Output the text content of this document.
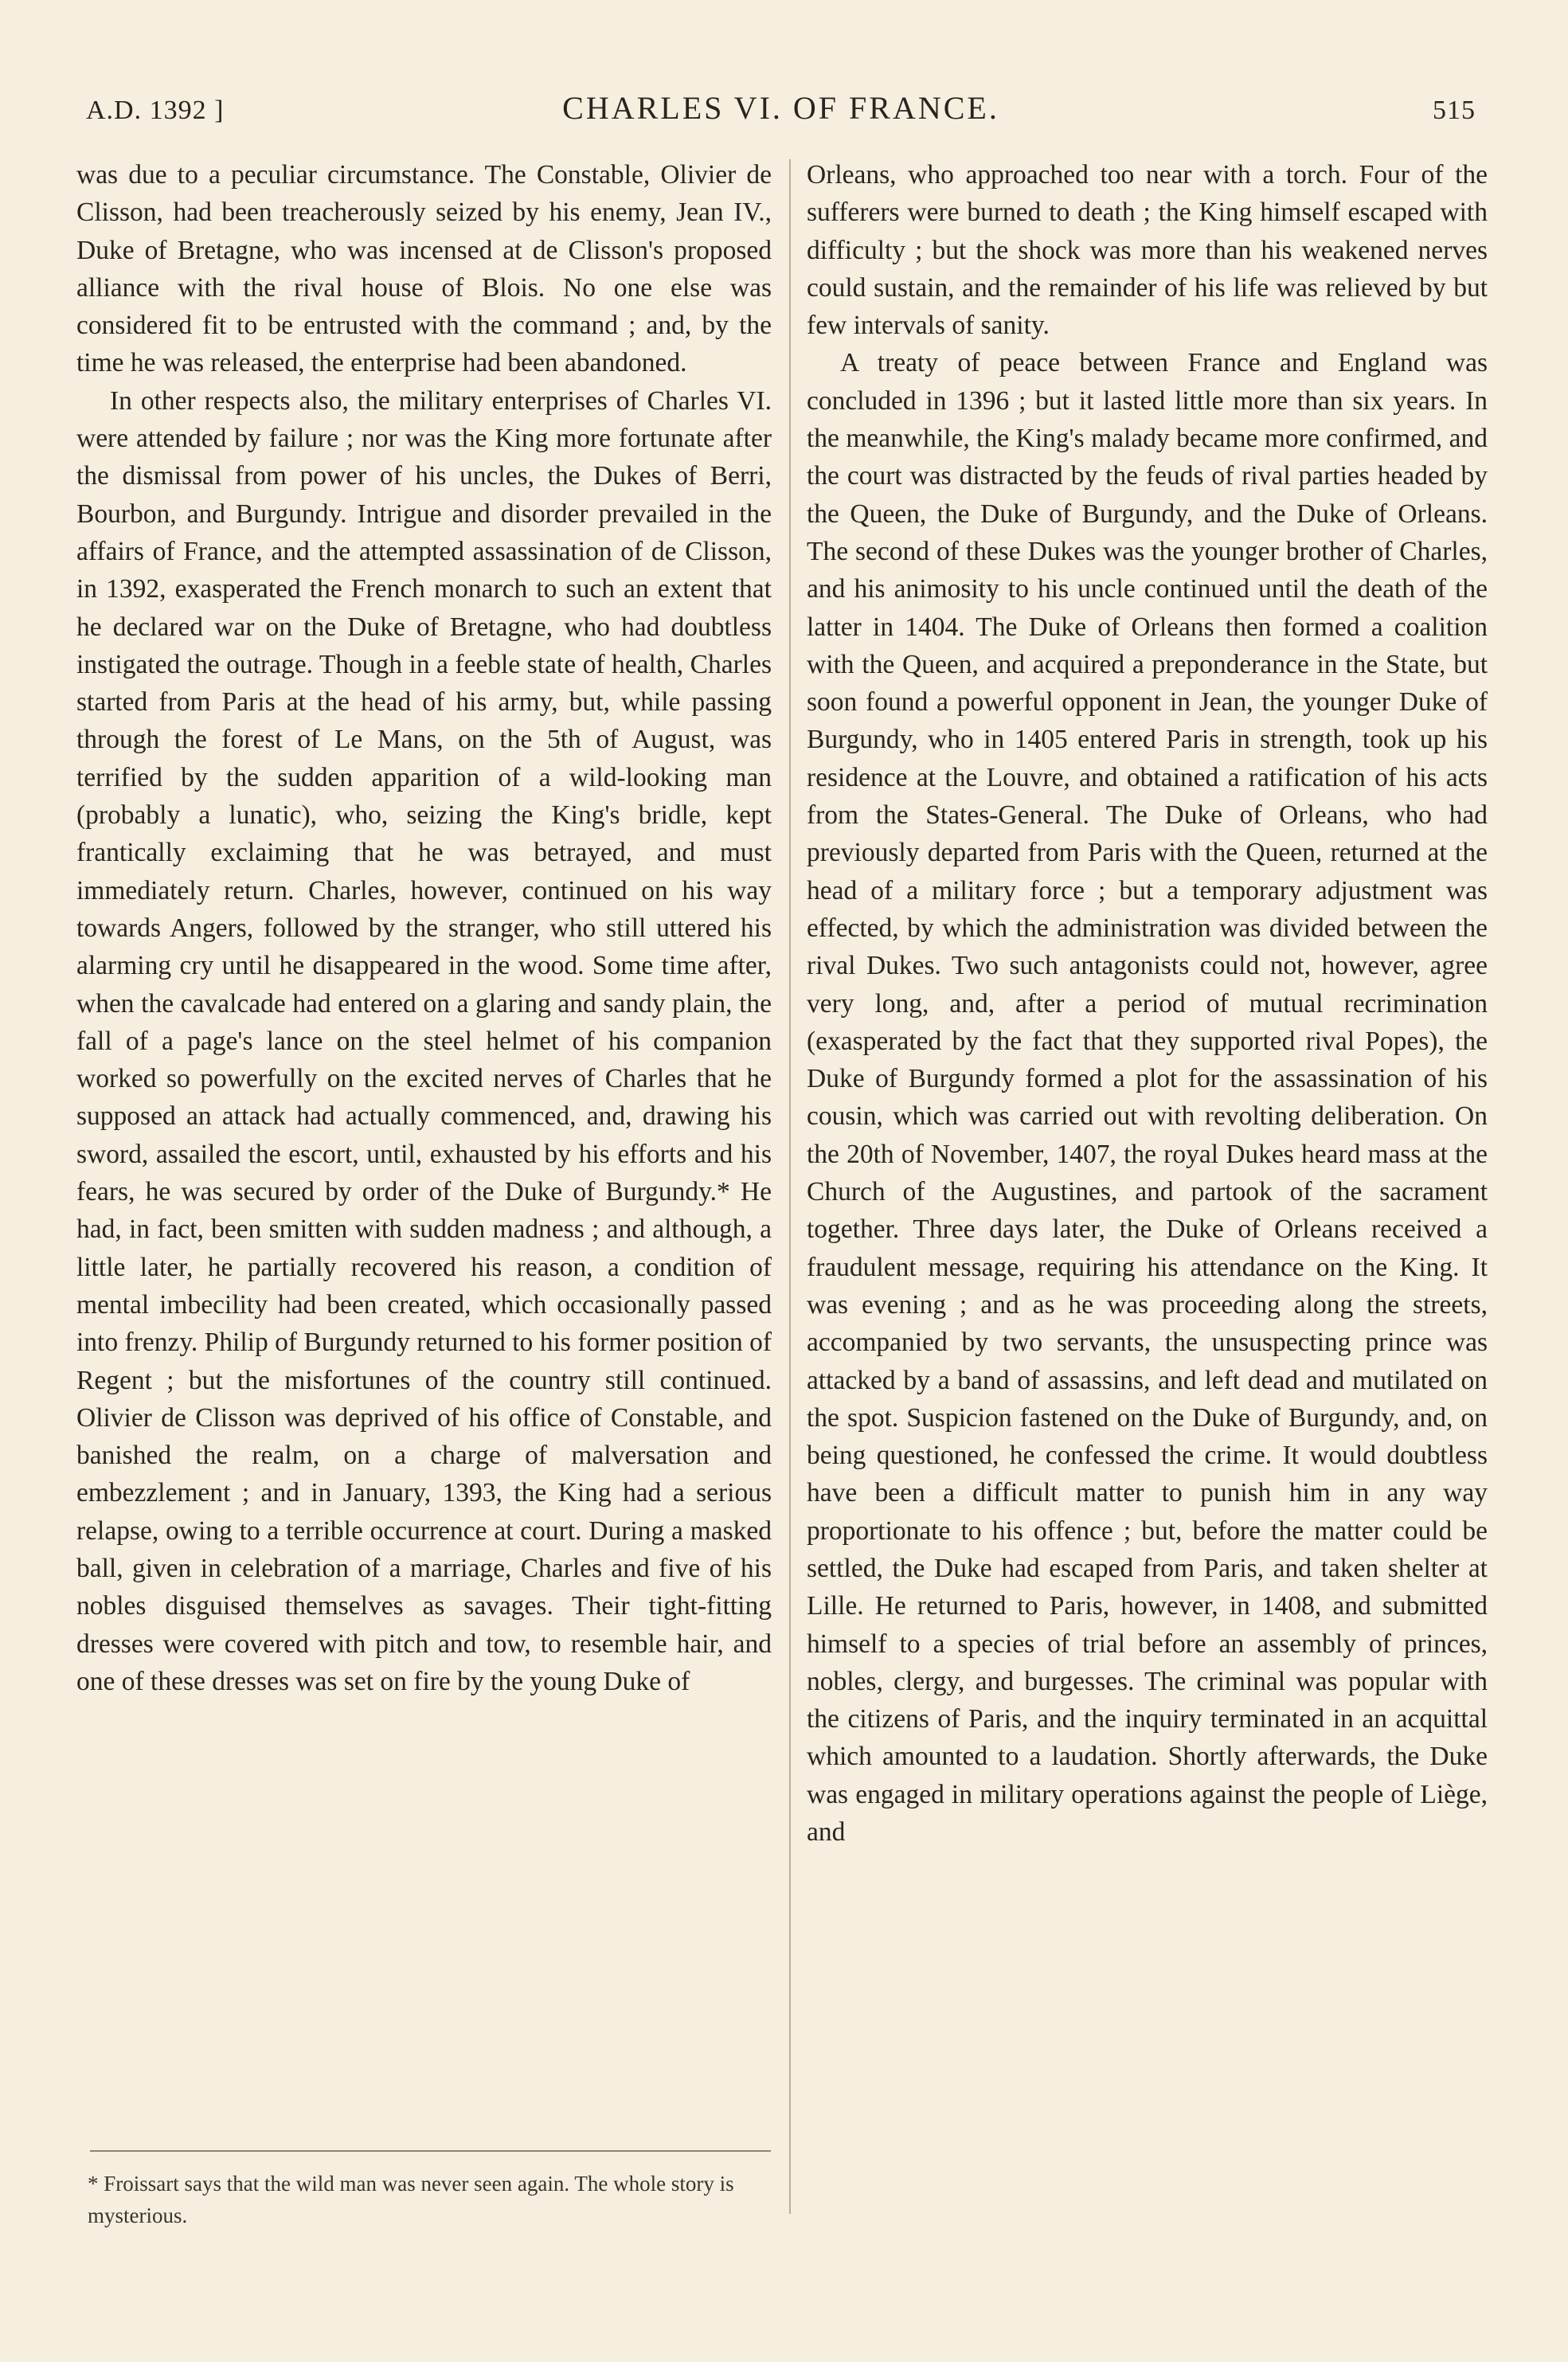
A.D. 1392 ]	CHARLES VI. OF FRANCE.	515

was due to a peculiar circumstance. The Constable, Olivier de Clisson, had been treacherously seized by his enemy, Jean IV., Duke of Bretagne, who was incensed at de Clisson's proposed alliance with the rival house of Blois. No one else was considered fit to be entrusted with the command ; and, by the time he was released, the enterprise had been abandoned.

In other respects also, the military enterprises of Charles VI. were attended by failure ; nor was the King more fortunate after the dismissal from power of his uncles, the Dukes of Berri, Bourbon, and Burgundy. Intrigue and disorder prevailed in the affairs of France, and the attempted assassination of de Clisson, in 1392, exasperated the French monarch to such an extent that he declared war on the Duke of Bretagne, who had doubtless instigated the outrage. Though in a feeble state of health, Charles started from Paris at the head of his army, but, while passing through the forest of Le Mans, on the 5th of August, was terrified by the sudden apparition of a wild-looking man (probably a lunatic), who, seizing the King's bridle, kept frantically exclaiming that he was betrayed, and must immediately return. Charles, however, continued on his way towards Angers, followed by the stranger, who still uttered his alarming cry until he disappeared in the wood. Some time after, when the cavalcade had entered on a glaring and sandy plain, the fall of a page's lance on the steel helmet of his companion worked so powerfully on the excited nerves of Charles that he supposed an attack had actually commenced, and, drawing his sword, assailed the escort, until, exhausted by his efforts and his fears, he was secured by order of the Duke of Burgundy.* He had, in fact, been smitten with sudden madness ; and although, a little later, he partially recovered his reason, a condition of mental imbecility had been created, which occasionally passed into frenzy. Philip of Burgundy returned to his former position of Regent ; but the misfortunes of the country still continued. Olivier de Clisson was deprived of his office of Constable, and banished the realm, on a charge of malversation and embezzlement ; and in January, 1393, the King had a serious relapse, owing to a terrible occurrence at court. During a masked ball, given in celebration of a marriage, Charles and five of his nobles disguised themselves as savages. Their tight-fitting dresses were covered with pitch and tow, to resemble hair, and one of these dresses was set on fire by the young Duke of

Orleans, who approached too near with a torch. Four of the sufferers were burned to death ; the King himself escaped with difficulty ; but the shock was more than his weakened nerves could sustain, and the remainder of his life was relieved by but few intervals of sanity.

A treaty of peace between France and England was concluded in 1396 ; but it lasted little more than six years. In the meanwhile, the King's malady became more confirmed, and the court was distracted by the feuds of rival parties headed by the Queen, the Duke of Burgundy, and the Duke of Orleans. The second of these Dukes was the younger brother of Charles, and his animosity to his uncle continued until the death of the latter in 1404. The Duke of Orleans then formed a coalition with the Queen, and acquired a preponderance in the State, but soon found a powerful opponent in Jean, the younger Duke of Burgundy, who in 1405 entered Paris in strength, took up his residence at the Louvre, and obtained a ratification of his acts from the States-General. The Duke of Orleans, who had previously departed from Paris with the Queen, returned at the head of a military force ; but a temporary adjustment was effected, by which the administration was divided between the rival Dukes. Two such antagonists could not, however, agree very long, and, after a period of mutual recrimination (exasperated by the fact that they supported rival Popes), the Duke of Burgundy formed a plot for the assassination of his cousin, which was carried out with revolting deliberation. On the 20th of November, 1407, the royal Dukes heard mass at the Church of the Augustines, and partook of the sacrament together. Three days later, the Duke of Orleans received a fraudulent message, requiring his attendance on the King. It was evening ; and as he was proceeding along the streets, accompanied by two servants, the unsuspecting prince was attacked by a band of assassins, and left dead and mutilated on the spot. Suspicion fastened on the Duke of Burgundy, and, on being questioned, he confessed the crime. It would doubtless have been a difficult matter to punish him in any way proportionate to his offence ; but, before the matter could be settled, the Duke had escaped from Paris, and taken shelter at Lille. He returned to Paris, however, in 1408, and submitted himself to a species of trial before an assembly of princes, nobles, clergy, and burgesses. The criminal was popular with the citizens of Paris, and the inquiry terminated in an acquittal which amounted to a laudation. Shortly afterwards, the Duke was engaged in military operations against the people of Liège, and

* Froissart says that the wild man was never seen again. The whole story is mysterious.
